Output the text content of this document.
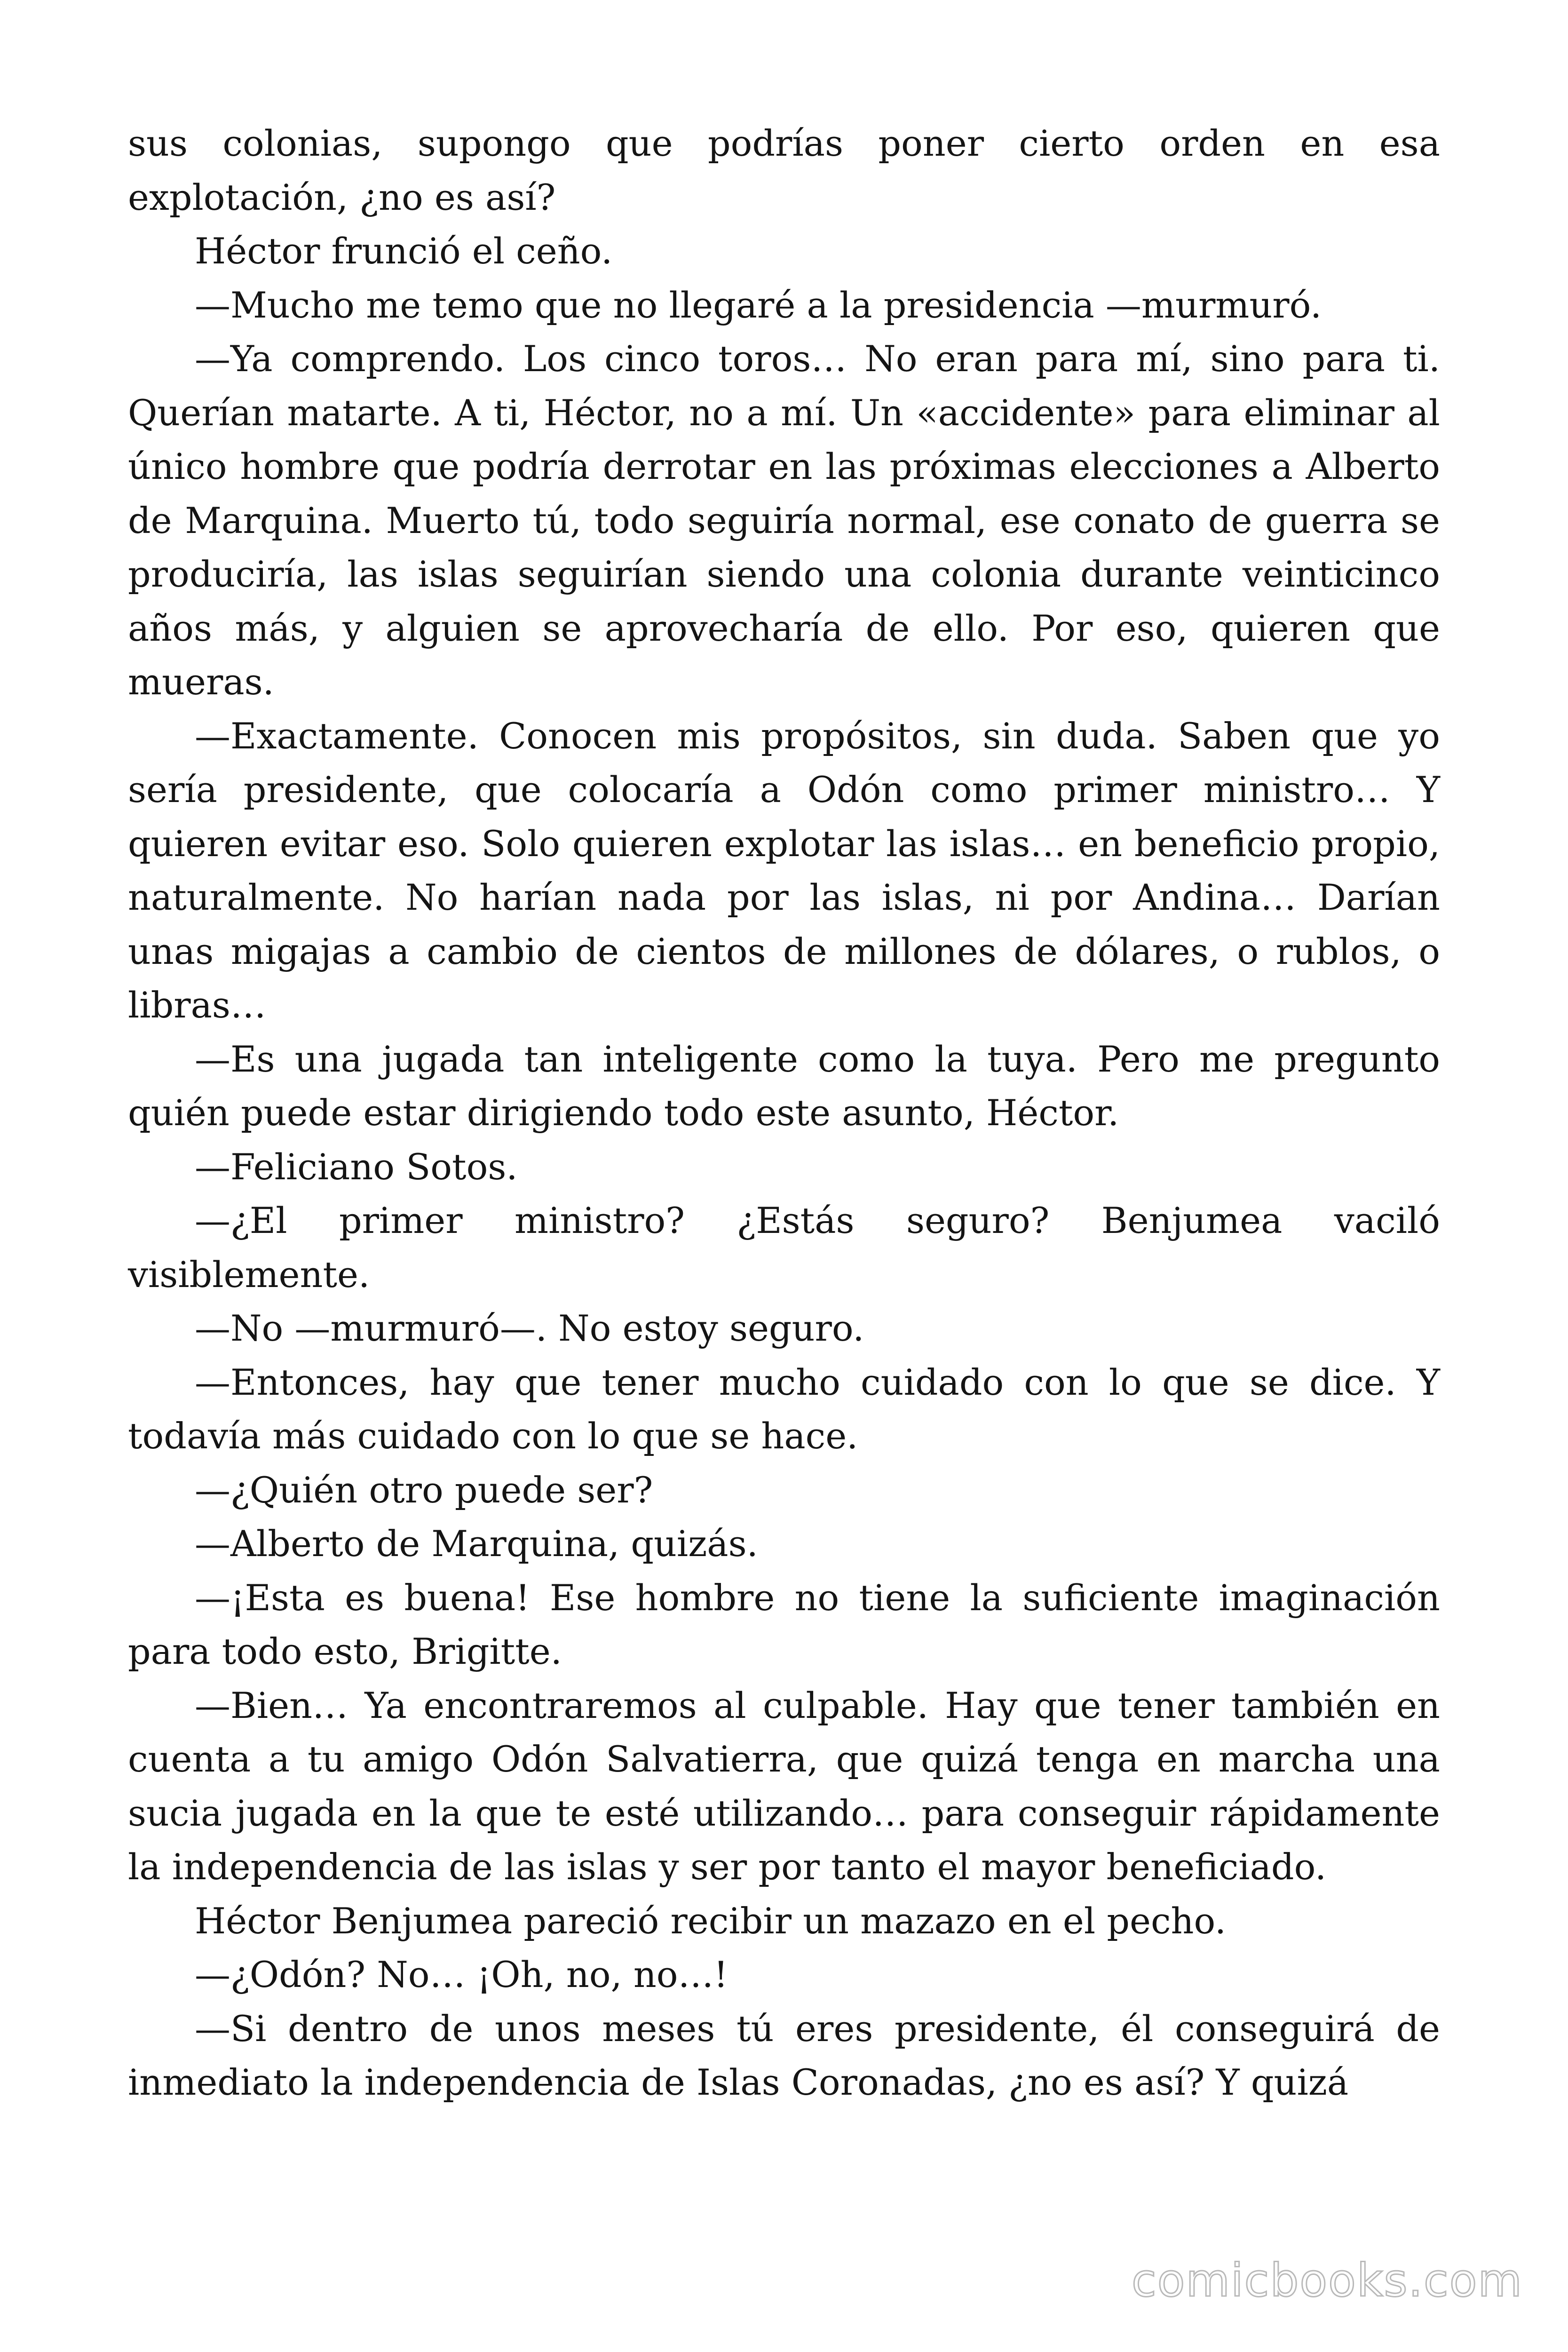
sus colonias, supongo que podrías poner cierto orden en esa explotación, ¿no es así?

Héctor frunció el ceño.

—Mucho me temo que no llegaré a la presidencia —murmuró.

—Ya comprendo. Los cinco toros… No eran para mí, sino para ti. Querían matarte. A ti, Héctor, no a mí. Un «accidente» para eliminar al único hombre que podría derrotar en las próximas elecciones a Alberto de Marquina. Muerto tú, todo seguiría normal, ese conato de guerra se produciría, las islas seguirían siendo una colonia durante veinticinco años más, y alguien se aprovecharía de ello. Por eso, quieren que mueras.

—Exactamente. Conocen mis propósitos, sin duda. Saben que yo sería presidente, que colocaría a Odón como primer ministro… Y quieren evitar eso. Solo quieren explotar las islas… en beneficio propio, naturalmente. No harían nada por las islas, ni por Andina… Darían unas migajas a cambio de cientos de millones de dólares, o rublos, o libras…

—Es una jugada tan inteligente como la tuya. Pero me pregunto quién puede estar dirigiendo todo este asunto, Héctor.

—Feliciano Sotos.

—¿El primer ministro? ¿Estás seguro? Benjumea vaciló visiblemente.

—No —murmuró—. No estoy seguro.

—Entonces, hay que tener mucho cuidado con lo que se dice. Y todavía más cuidado con lo que se hace.

—¿Quién otro puede ser?

—Alberto de Marquina, quizás.

—¡Esta es buena! Ese hombre no tiene la suficiente imaginación para todo esto, Brigitte.

—Bien… Ya encontraremos al culpable. Hay que tener también en cuenta a tu amigo Odón Salvatierra, que quizá tenga en marcha una sucia jugada en la que te esté utilizando… para conseguir rápidamente la independencia de las islas y ser por tanto el mayor beneficiado.

Héctor Benjumea pareció recibir un mazazo en el pecho.

—¿Odón? No… ¡Oh, no, no…!

—Si dentro de unos meses tú eres presidente, él conseguirá de inmediato la independencia de Islas Coronadas, ¿no es así? Y quizá

comicbooks.com
